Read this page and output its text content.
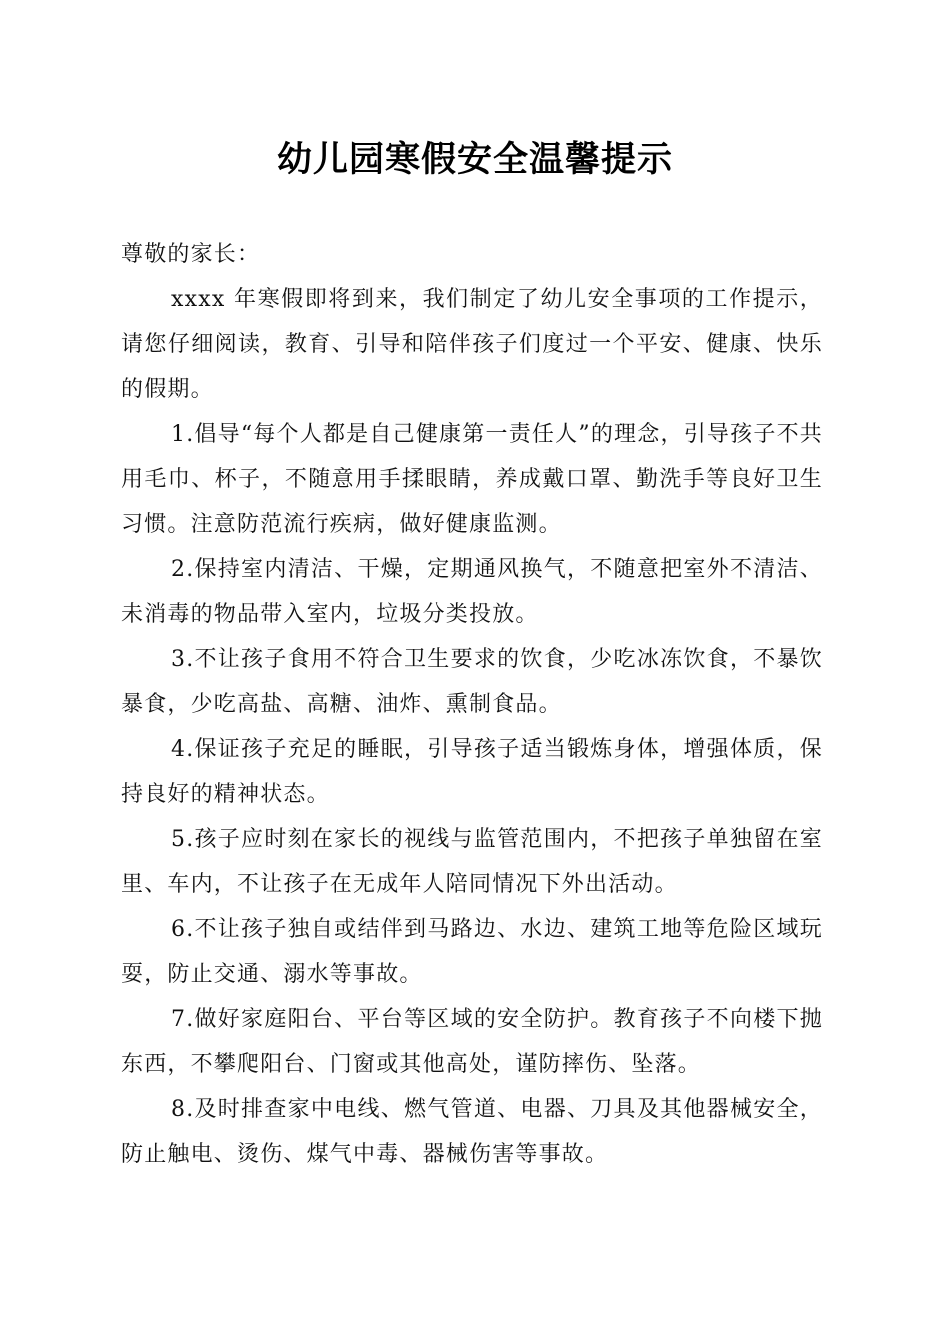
幼儿园寒假安全温馨提示

尊敬的家长：

xxxx 年寒假即将到来，我们制定了幼儿安全事项的工作提示，请您仔细阅读，教育、引导和陪伴孩子们度过一个平安、健康、快乐的假期。

1.倡导“每个人都是自己健康第一责任人”的理念，引导孩子不共用毛巾、杯子，不随意用手揉眼睛，养成戴口罩、勤洗手等良好卫生习惯。注意防范流行疾病，做好健康监测。

2.保持室内清洁、干燥，定期通风换气，不随意把室外不清洁、未消毒的物品带入室内，垃圾分类投放。

3.不让孩子食用不符合卫生要求的饮食，少吃冰冻饮食，不暴饮暴食，少吃高盐、高糖、油炸、熏制食品。

4.保证孩子充足的睡眠，引导孩子适当锻炼身体，增强体质，保持良好的精神状态。

5.孩子应时刻在家长的视线与监管范围内，不把孩子单独留在室里、车内，不让孩子在无成年人陪同情况下外出活动。

6.不让孩子独自或结伴到马路边、水边、建筑工地等危险区域玩耍，防止交通、溺水等事故。

7.做好家庭阳台、平台等区域的安全防护。教育孩子不向楼下抛东西，不攀爬阳台、门窗或其他高处，谨防摔伤、坠落。

8.及时排查家中电线、燃气管道、电器、刀具及其他器械安全，防止触电、烫伤、煤气中毒、器械伤害等事故。
